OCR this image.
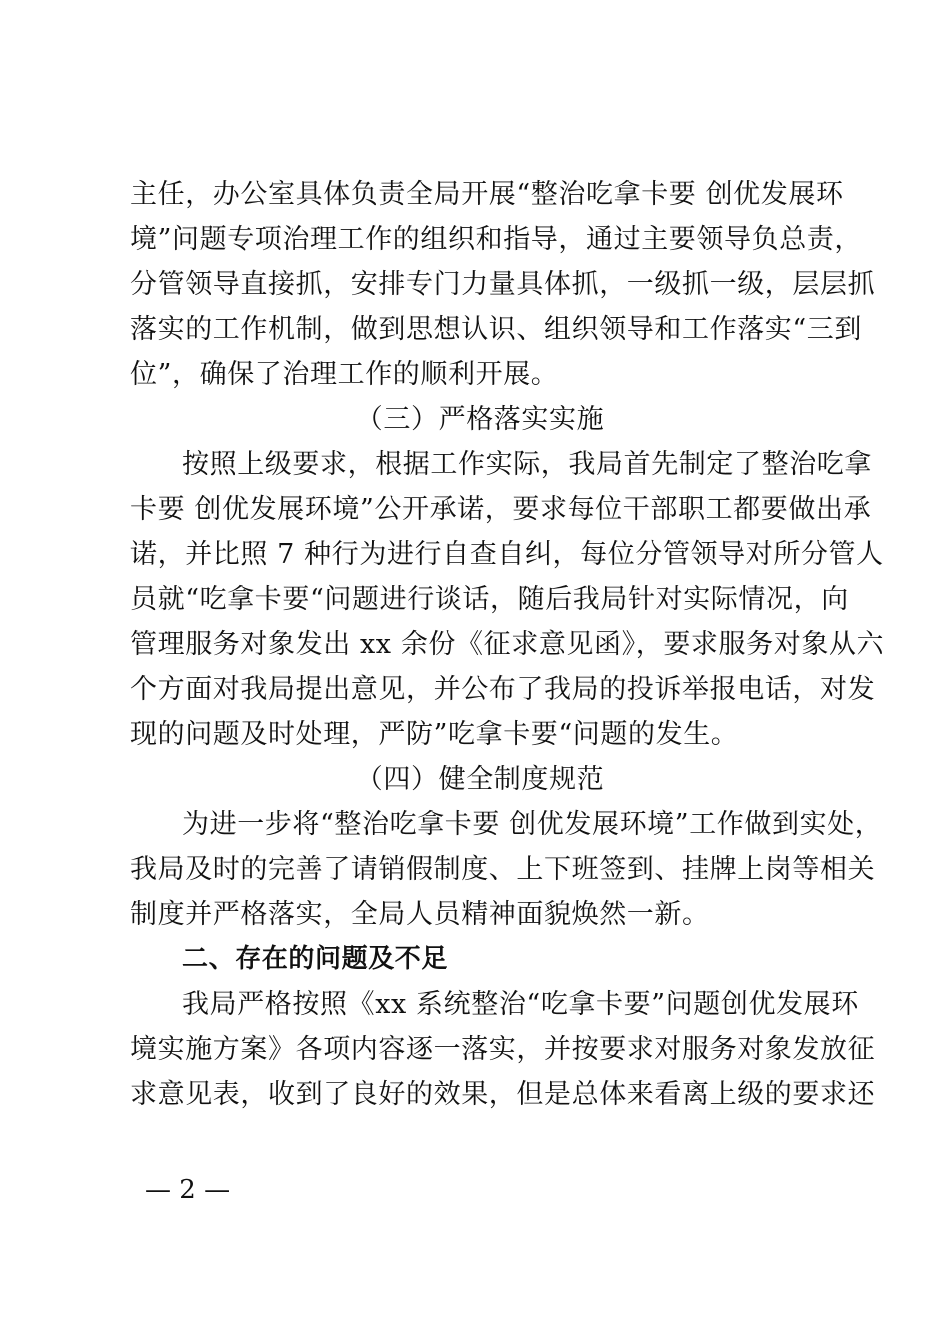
主任，办公室具体负责全局开展“整治吃拿卡要 创优发展环
境”问题专项治理工作的组织和指导，通过主要领导负总责，
分管领导直接抓，安排专门力量具体抓，一级抓一级，层层抓
落实的工作机制，做到思想认识、组织领导和工作落实“三到
位”，确保了治理工作的顺利开展。
（三）严格落实实施
按照上级要求，根据工作实际，我局首先制定了整治吃拿
卡要 创优发展环境”公开承诺，要求每位干部职工都要做出承
诺，并比照 7 种行为进行自查自纠，每位分管领导对所分管人
员就“吃拿卡要“问题进行谈话，随后我局针对实际情况，向
管理服务对象发出 xx 余份《征求意见函》，要求服务对象从六
个方面对我局提出意见，并公布了我局的投诉举报电话，对发
现的问题及时处理，严防”吃拿卡要“问题的发生。
（四）健全制度规范
为进一步将“整治吃拿卡要 创优发展环境”工作做到实处，
我局及时的完善了请销假制度、上下班签到、挂牌上岗等相关
制度并严格落实，全局人员精神面貌焕然一新。
二、存在的问题及不足
我局严格按照《xx 系统整治“吃拿卡要”问题创优发展环
境实施方案》各项内容逐一落实，并按要求对服务对象发放征
求意见表，收到了良好的效果，但是总体来看离上级的要求还
— 2 —
